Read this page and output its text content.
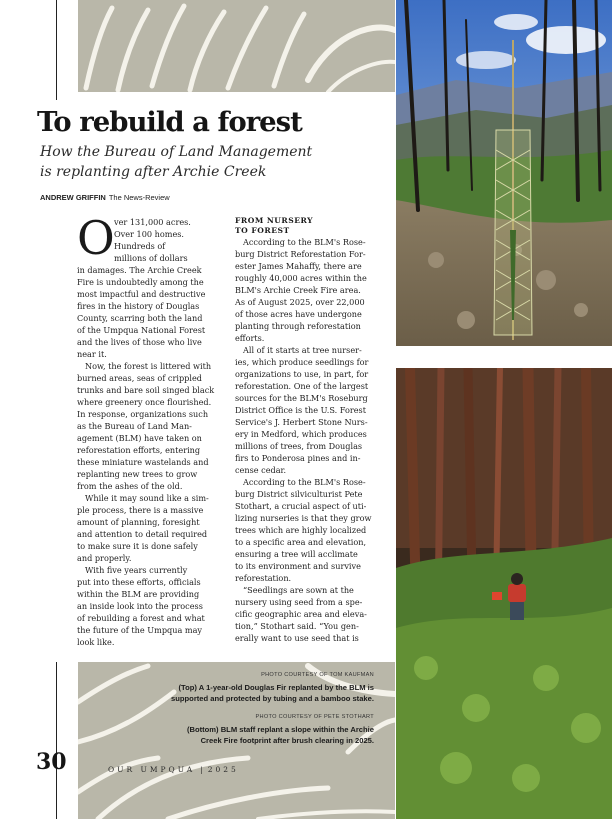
To rebuild a forest
How the Bureau of Land Management
is replanting after Archie Creek
ANDREW GRIFFIN The News-Review
O ver 131,000 acres.
Over 100 homes.
Hundreds of
millions of dollars
in damages. The Archie Creek
Fire is undoubtedly among the
most impactful and destructive
fires in the history of Douglas
County, scarring both the land
of the Umpqua National Forest
and the lives of those who live
near it.
Now, the forest is littered with
burned areas, seas of crippled
trunks and bare soil singed black
where greenery once flourished.
In response, organizations such
as the Bureau of Land Man-
agement (BLM) have taken on
reforestation efforts, entering
these miniature wastelands and
replanting new trees to grow
from the ashes of the old.
While it may sound like a sim-
ple process, there is a massive
amount of planning, foresight
and attention to detail required
to make sure it is done safely
and properly.
With five years currently
put into these efforts, officials
within the BLM are providing
an inside look into the process
of rebuilding a forest and what
the future of the Umpqua may
look like.
FROM NURSERY
TO FOREST
According to the BLM's Rose-
burg District Reforestation For-
ester James Mahaffy, there are
roughly 40,000 acres within the
BLM's Archie Creek Fire area.
As of August 2025, over 22,000
of those acres have undergone
planting through reforestation
efforts.
All of it starts at tree nurser-
ies, which produce seedlings for
organizations to use, in part, for
reforestation. One of the largest
sources for the BLM's Roseburg
District Office is the U.S. Forest
Service's J. Herbert Stone Nurs-
ery in Medford, which produces
millions of trees, from Douglas
firs to Ponderosa pines and in-
cense cedar.
According to the BLM's Rose-
burg District silviculturist Pete
Stothart, a crucial aspect of uti-
lizing nurseries is that they grow
trees which are highly localized
to a specific area and elevation,
ensuring a tree will acclimate
to its environment and survive
reforestation.
“Seedlings are sown at the
nursery using seed from a spe-
cific geographic area and eleva-
tion,” Stothart said. “You gen-
erally want to use seed that is
PHOTO COURTESY OF TOM KAUFMAN
(Top) A 1-year-old Douglas Fir replanted by the BLM is
supported and protected by tubing and a bamboo stake.
PHOTO COURTESY OF PETE STOTHART
(Bottom) BLM staff replant a slope within the Archie
Creek Fire footprint after brush clearing in 2025.
30	OUR UMPQUA | 2025
